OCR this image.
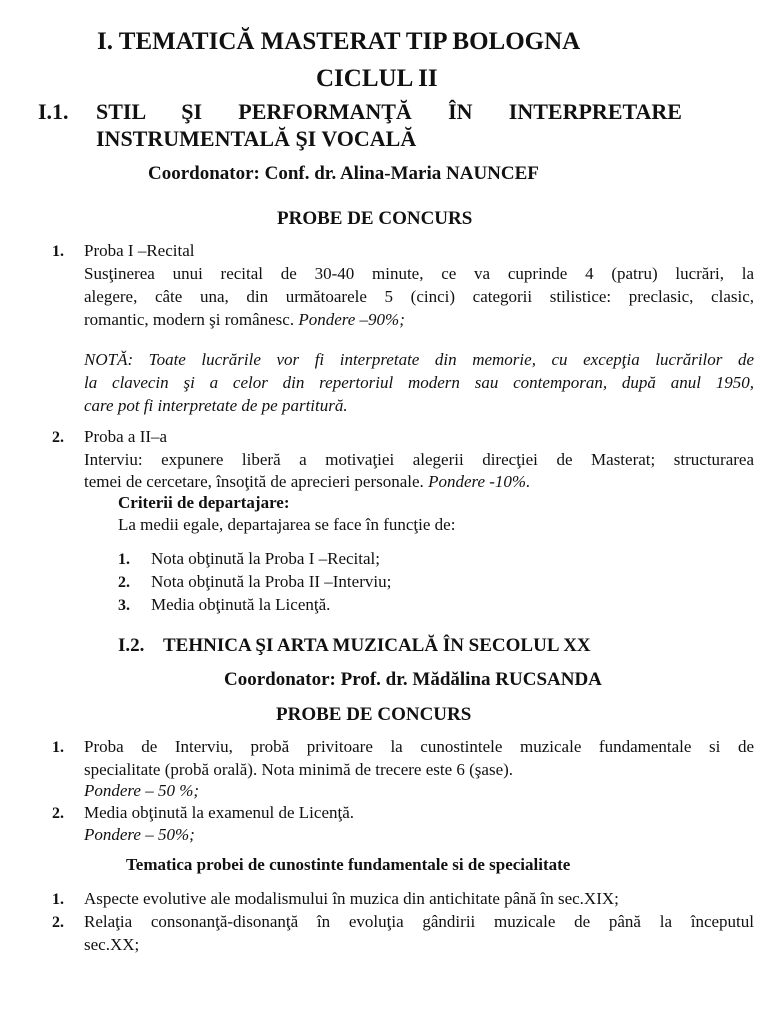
I. TEMATICĂ MASTERAT TIP BOLOGNA
CICLUL II
I.1. STIL ŞI PERFORMANŢĂ ÎN INTERPRETARE
INSTRUMENTALĂ ŞI VOCALĂ
Coordonator: Conf. dr. Alina-Maria NAUNCEF
PROBE DE CONCURS
1. Proba I –Recital
Susţinerea unui recital de 30-40 minute, ce va cuprinde 4 (patru) lucrări, la
alegere, câte una, din următoarele 5 (cinci) categorii stilistice: preclasic, clasic,
romantic, modern şi românesc. Pondere –90%;
NOTĂ: Toate lucrările vor fi interpretate din memorie, cu excepţia lucrărilor de
la clavecin şi a celor din repertoriul modern sau contemporan, după anul 1950,
care pot fi interpretate de pe partitură.
2. Proba a II–a
Interviu: expunere liberă a motivaţiei alegerii direcţiei de Masterat; structurarea
temei de cercetare, însoţită de aprecieri personale. Pondere -10%.
Criterii de departajare:
La medii egale, departajarea se face în funcţie de:
1. Nota obţinută la Proba I –Recital;
2. Nota obţinută la Proba II –Interviu;
3. Media obţinută la Licenţă.
I.2. TEHNICA ŞI ARTA MUZICALĂ ÎN SECOLUL XX
Coordonator: Prof. dr. Mădălina RUCSANDA
PROBE DE CONCURS
1. Proba de Interviu, probă privitoare la cunostintele muzicale fundamentale si de
specialitate (probă orală). Nota minimă de trecere este 6 (şase).
Pondere – 50 %;
2. Media obţinută la examenul de Licenţă.
Pondere – 50%;
Tematica probei de cunostinte fundamentale si de specialitate
1. Aspecte evolutive ale modalismului în muzica din antichitate până în sec.XIX;
2. Relaţia consonanţă-disonanţă în evoluţia gândirii muzicale de până la începutul
sec.XX;
